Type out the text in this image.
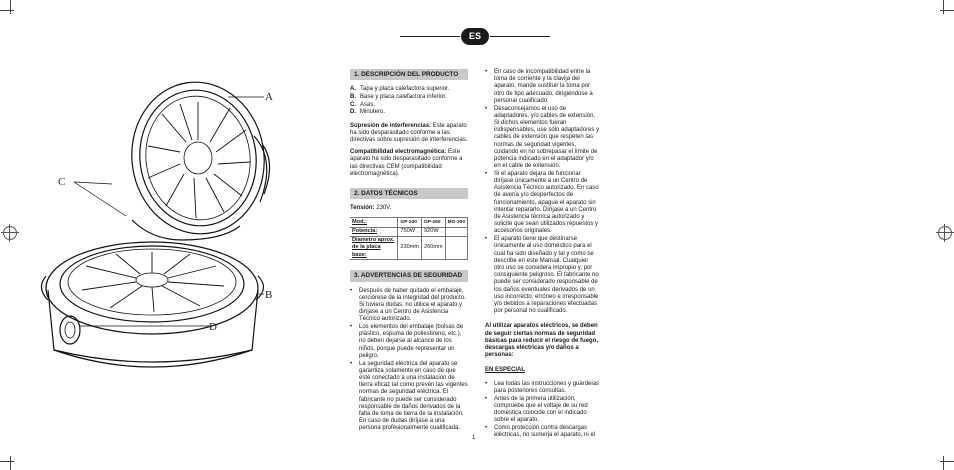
A
B
C
D
ES
1. DESCRIPCIÓN DEL PRODUCTO
A. Tapa y placa calefactora superior.
B. Base y placa calefactora inferior.
C. Asas.
D. Minutero.

Supresión de interferencias: Este aparato ha sido desparasitado conforme a las directivas sobre supresión de interferencias.

Compatibilidad electromagnética: Este aparato ha sido desparasitado conforme a las directivas CEM (compatibilidad electromagnética).

2. DATOS TÉCNICOS

Tensión: 230V.

Mod.:	GP-240	GP-260	MG-300
Potencia:	750W	920W	
Diametro aprox. de la placa base:	230mm	260mm	
3. ADVERTENCIAS DE SEGURIDAD
• Después de haber quitado el embalaje, cerciórese de la integridad del producto. Si tuviera dudas, no utilice el aparato y diríjase a un Centro de Asistencia Técnico autorizado.
• Los elementos del embalaje (bolsas de plástico, espuma de poliestireno, etc.), no deben dejarse al alcance de los niños, porque puede representar un peligro.
• La seguridad eléctrica del aparato se garantiza solamente en caso de que esté conectado a una instalación de tierra eficaz tal como prevén las vigentes normas de seguridad eléctrica. El fabricante no puede ser considerado responsable de daños derivados de la falta de toma de tierra de la instalación. En caso de dudas diríjase a una persona profesionalmente cualificada.
• En caso de incompatibilidad entre la toma de corriente y la clavija del aparato, mande sustituir la toma por otro de tipo adecuado, dirigiéndose a personal cualificado.
• Desaconsejamos el uso de adaptadores, y/o cables de extensión. Si dichos elementos fueran indispensables, use sólo adaptadores y cables de extensión que respeten las normas de seguridad vigentes, cuidando en no sobrepasar el límite de potencia indicado en el adaptador y/o en el cable de extensión.
• Si el aparato dejara de funcionar diríjase únicamente a un Centro de Asistencia Técnico autorizado. En caso de avería y/o desperfectos de funcionamiento, apague el aparato sin intentar repararlo. Diríjase a un Centro de Asistencia técnica autorizado y solicite que sean utilizados repuestos y accesorios originales.
• El aparato tiene que destinarse únicamente al uso doméstico para el cual ha sido diseñado y tal y como se describe en este Manual. Cualquier otro uso se considera impropio y, por consiguiente peligroso. El fabricante no puede ser considerado responsable de los daños eventuales derivados de un uso incorrecto, erróneo e irresponsable y/o debidos a reparaciones efectuadas por personal no cualificado.

Al utilizar aparatos eléctricos, se deben de seguir ciertas normas de seguridad básicas para reducir el riesgo de fuego, descargas eléctricas y/o daños a personas:

EN ESPECIAL
• Lea todas las instrucciones y guárdelas para posteriores consultas.
• Antes de la primera utilización, compruebe que el voltaje de su red doméstica coincide con el indicado sobre el aparato.
• Como protección contra descargas eléctricas, no sumerja el aparato, ni el
1
